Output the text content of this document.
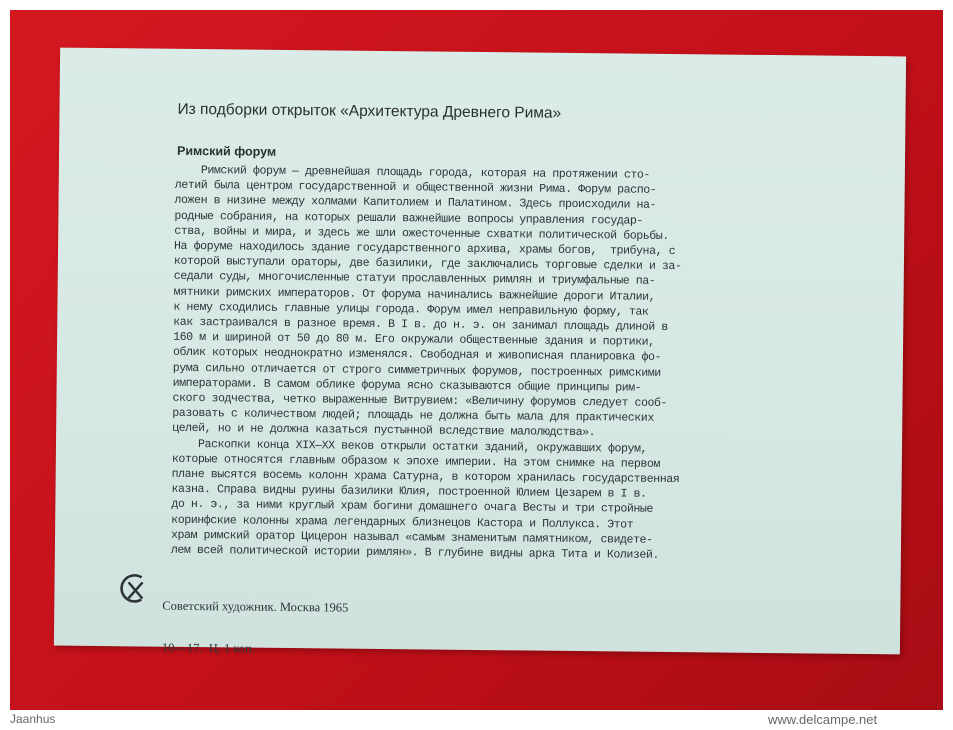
Из подборки открыток «Архитектура Древнего Рима»
Римский форум
Римский форум — древнейшая площадь города, которая на протяжении сто-
летий была центром государственной и общественной жизни Рима. Форум распо-
ложен в низине между холмами Капитолием и Палатином. Здесь происходили на-
родные собрания, на которых решали важнейшие вопросы управления государ-
ства, войны и мира, и здесь же шли ожесточенные схватки политической борьбы.
На форуме находилось здание государственного архива, храмы богов,  трибуна, с
которой выступали ораторы, две базилики, где заключались торговые сделки и за-
седали суды, многочисленные статуи прославленных римлян и триумфальные па-
мятники римских императоров. От форума начинались важнейшие дороги Италии,
к нему сходились главные улицы города. Форум имел неправильную форму, так
как застраивался в разное время. В I в. до н. э. он занимал площадь длиной в
160 м и шириной от 50 до 80 м. Его окружали общественные здания и портики,
облик которых неоднократно изменялся. Свободная и живописная планировка фо-
рума сильно отличается от строго симметричных форумов, построенных римскими
императорами. В самом облике форума ясно сказываются общие принципы рим-
ского зодчества, четко выраженные Витрувием: «Величину форумов следует сооб-
разовать с количеством людей; площадь не должна быть мала для практических
целей, но и не должна казаться пустынной вследствие малолюдства».
Раскопки конца XIX—XX веков открыли остатки зданий, окружавших форум,
которые относятся главным образом к эпохе империи. На этом снимке на первом
плане высятся восемь колонн храма Сатурна, в котором хранилась государственная
казна. Справа видны руины базилики Юлия, построенной Юлием Цезарем в I в.
до н. э., за ними круглый храм богини домашнего очага Весты и три стройные
коринфские колонны храма легендарных близнецов Кастора и Поллукса. Этот
храм римский оратор Цицерон называл «самым знаменитым памятником, свидете-
лем всей политической истории римлян». В глубине видны арка Тита и Колизей.

Советский художник. Москва 1965

10—17.  Ц. 1 коп.

Jaanhus	www.delcampe.net
